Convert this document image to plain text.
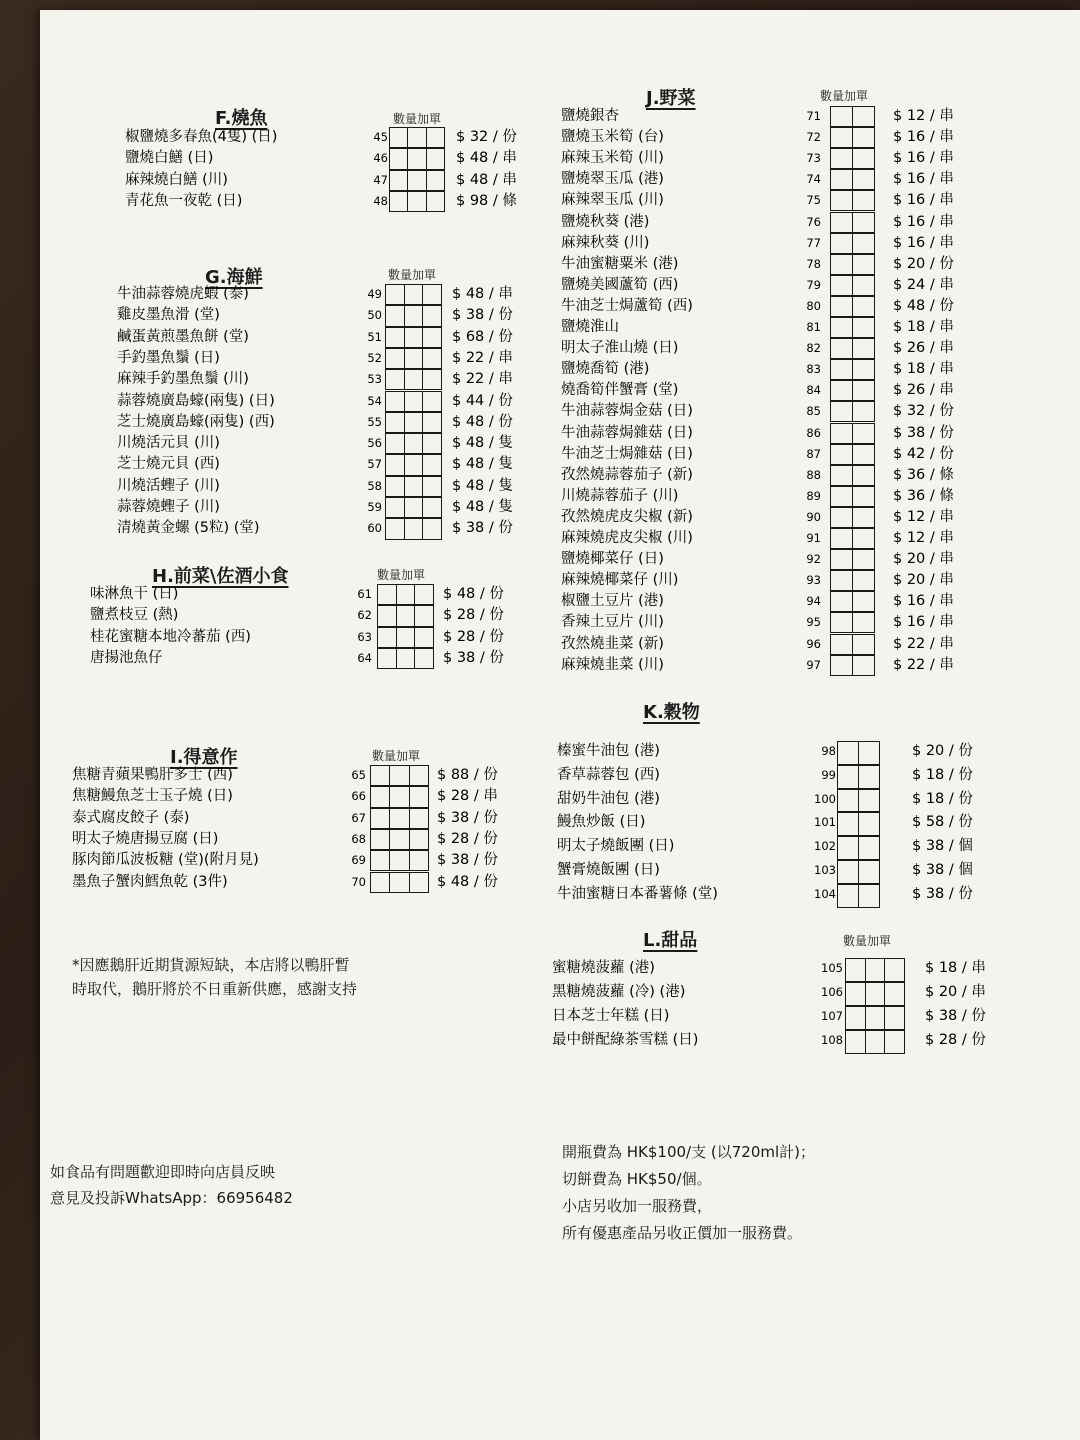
F.燒魚
G.海鮮
H.前菜\佐酒小食
I.得意作
J.野菜
K.穀物
L.甜品
數量加單
數量加單
數量加單
數量加單
數量加單
數量加單
椒鹽燒多春魚(4隻) (日)	45	$ 32 / 份
鹽燒白鱔 (日)	46	$ 48 / 串
麻辣燒白鱔 (川)	47	$ 48 / 串
青花魚一夜乾 (日)	48	$ 98 / 條
牛油蒜蓉燒虎蝦 (泰)	49	$ 48 / 串
雞皮墨魚滑 (堂)	50	$ 38 / 份
鹹蛋黃煎墨魚餅 (堂)	51	$ 68 / 份
手釣墨魚鬚 (日)	52	$ 22 / 串
麻辣手釣墨魚鬚 (川)	53	$ 22 / 串
蒜蓉燒廣島蠔(兩隻) (日)	54	$ 44 / 份
芝士燒廣島蠔(兩隻) (西)	55	$ 48 / 份
川燒活元貝 (川)	56	$ 48 / 隻
芝士燒元貝 (西)	57	$ 48 / 隻
川燒活蟶子 (川)	58	$ 48 / 隻
蒜蓉燒蟶子 (川)	59	$ 48 / 隻
清燒黃金螺 (5粒) (堂)	60	$ 38 / 份
味淋魚干 (日)	61	$ 48 / 份
鹽煮枝豆 (熱)	62	$ 28 / 份
桂花蜜糖本地冷蕃茄 (西)	63	$ 28 / 份
唐揚池魚仔	64	$ 38 / 份
焦糖青蘋果鴨肝多士 (西)	65	$ 88 / 份
焦糖鰻魚芝士玉子燒 (日)	66	$ 28 / 串
泰式腐皮餃子 (泰)	67	$ 38 / 份
明太子燒唐揚豆腐 (日)	68	$ 28 / 份
豚肉節瓜波板糖 (堂)(附月見)	69	$ 38 / 份
墨魚子蟹肉鱈魚乾 (3件)	70	$ 48 / 份
鹽燒銀杏	71	$ 12 / 串
鹽燒玉米筍 (台)	72	$ 16 / 串
麻辣玉米筍 (川)	73	$ 16 / 串
鹽燒翠玉瓜 (港)	74	$ 16 / 串
麻辣翠玉瓜 (川)	75	$ 16 / 串
鹽燒秋葵 (港)	76	$ 16 / 串
麻辣秋葵 (川)	77	$ 16 / 串
牛油蜜糖粟米 (港)	78	$ 20 / 份
鹽燒美國蘆筍 (西)	79	$ 24 / 串
牛油芝士焗蘆筍 (西)	80	$ 48 / 份
鹽燒淮山	81	$ 18 / 串
明太子淮山燒 (日)	82	$ 26 / 串
鹽燒喬筍 (港)	83	$ 18 / 串
燒喬筍伴蟹膏 (堂)	84	$ 26 / 串
牛油蒜蓉焗金菇 (日)	85	$ 32 / 份
牛油蒜蓉焗雜菇 (日)	86	$ 38 / 份
牛油芝士焗雜菇 (日)	87	$ 42 / 份
孜然燒蒜蓉茄子 (新)	88	$ 36 / 條
川燒蒜蓉茄子 (川)	89	$ 36 / 條
孜然燒虎皮尖椒 (新)	90	$ 12 / 串
麻辣燒虎皮尖椒 (川)	91	$ 12 / 串
鹽燒椰菜仔 (日)	92	$ 20 / 串
麻辣燒椰菜仔 (川)	93	$ 20 / 串
椒鹽土豆片 (港)	94	$ 16 / 串
香辣土豆片 (川)	95	$ 16 / 串
孜然燒韭菜 (新)	96	$ 22 / 串
麻辣燒韭菜 (川)	97	$ 22 / 串
榛蜜牛油包 (港)	98	$ 20 / 份
香草蒜蓉包 (西)	99	$ 18 / 份
甜奶牛油包 (港)	100	$ 18 / 份
鰻魚炒飯 (日)	101	$ 58 / 份
明太子燒飯團 (日)	102	$ 38 / 個
蟹膏燒飯團 (日)	103	$ 38 / 個
牛油蜜糖日本番薯條 (堂)	104	$ 38 / 份
蜜糖燒菠蘿 (港)	105	$ 18 / 串
黑糖燒菠蘿 (冷) (港)	106	$ 20 / 串
日本芝士年糕 (日)	107	$ 38 / 份
最中餅配綠茶雪糕 (日)	108	$ 28 / 份
*因應鵝肝近期貨源短缺，本店將以鴨肝暫
時取代，鵝肝將於不日重新供應，感謝支持
如食品有問題歡迎即時向店員反映
意見及投訴WhatsApp：66956482
開瓶費為 HK$100/支 (以720ml計)；
切餅費為 HK$50/個。
小店另收加一服務費，
所有優惠產品另收正價加一服務費。
